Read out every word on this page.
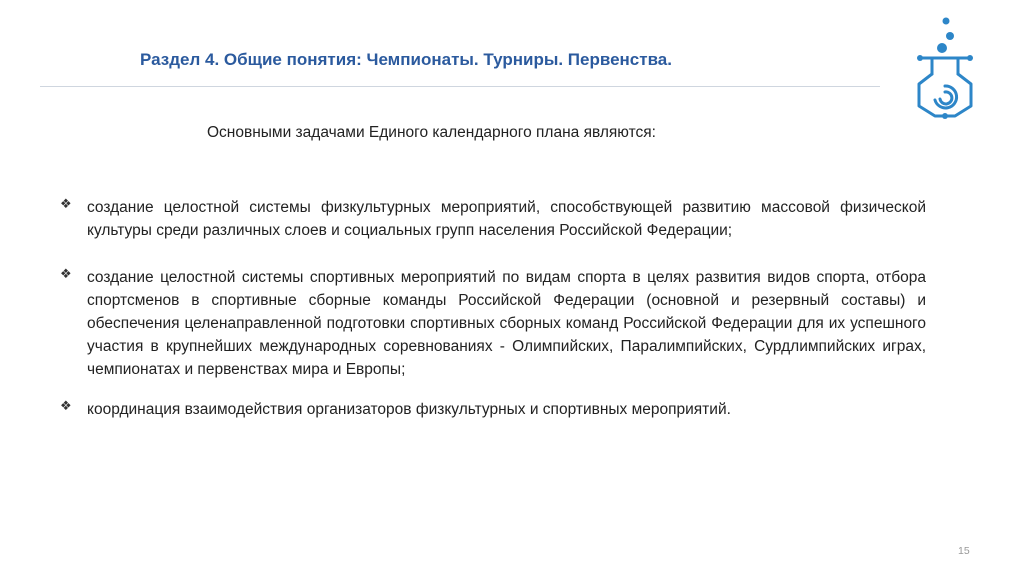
Раздел 4. Общие понятия: Чемпионаты. Турниры. Первенства.
Основными задачами Единого календарного плана являются:
❖ создание целостной системы физкультурных мероприятий, способствующей развитию массовой физической культуры среди различных слоев и социальных групп населения Российской Федерации;
❖ создание целостной системы спортивных мероприятий по видам спорта в целях развития видов спорта, отбора спортсменов в спортивные сборные команды Российской Федерации (основной и резервный составы) и обеспечения целенаправленной подготовки спортивных сборных команд Российской Федерации для их успешного участия в крупнейших международных соревнованиях - Олимпийских, Паралимпийских, Сурдлимпийских играх, чемпионатах и первенствах мира и Европы;
❖ координация взаимодействия организаторов физкультурных и спортивных мероприятий.
15
